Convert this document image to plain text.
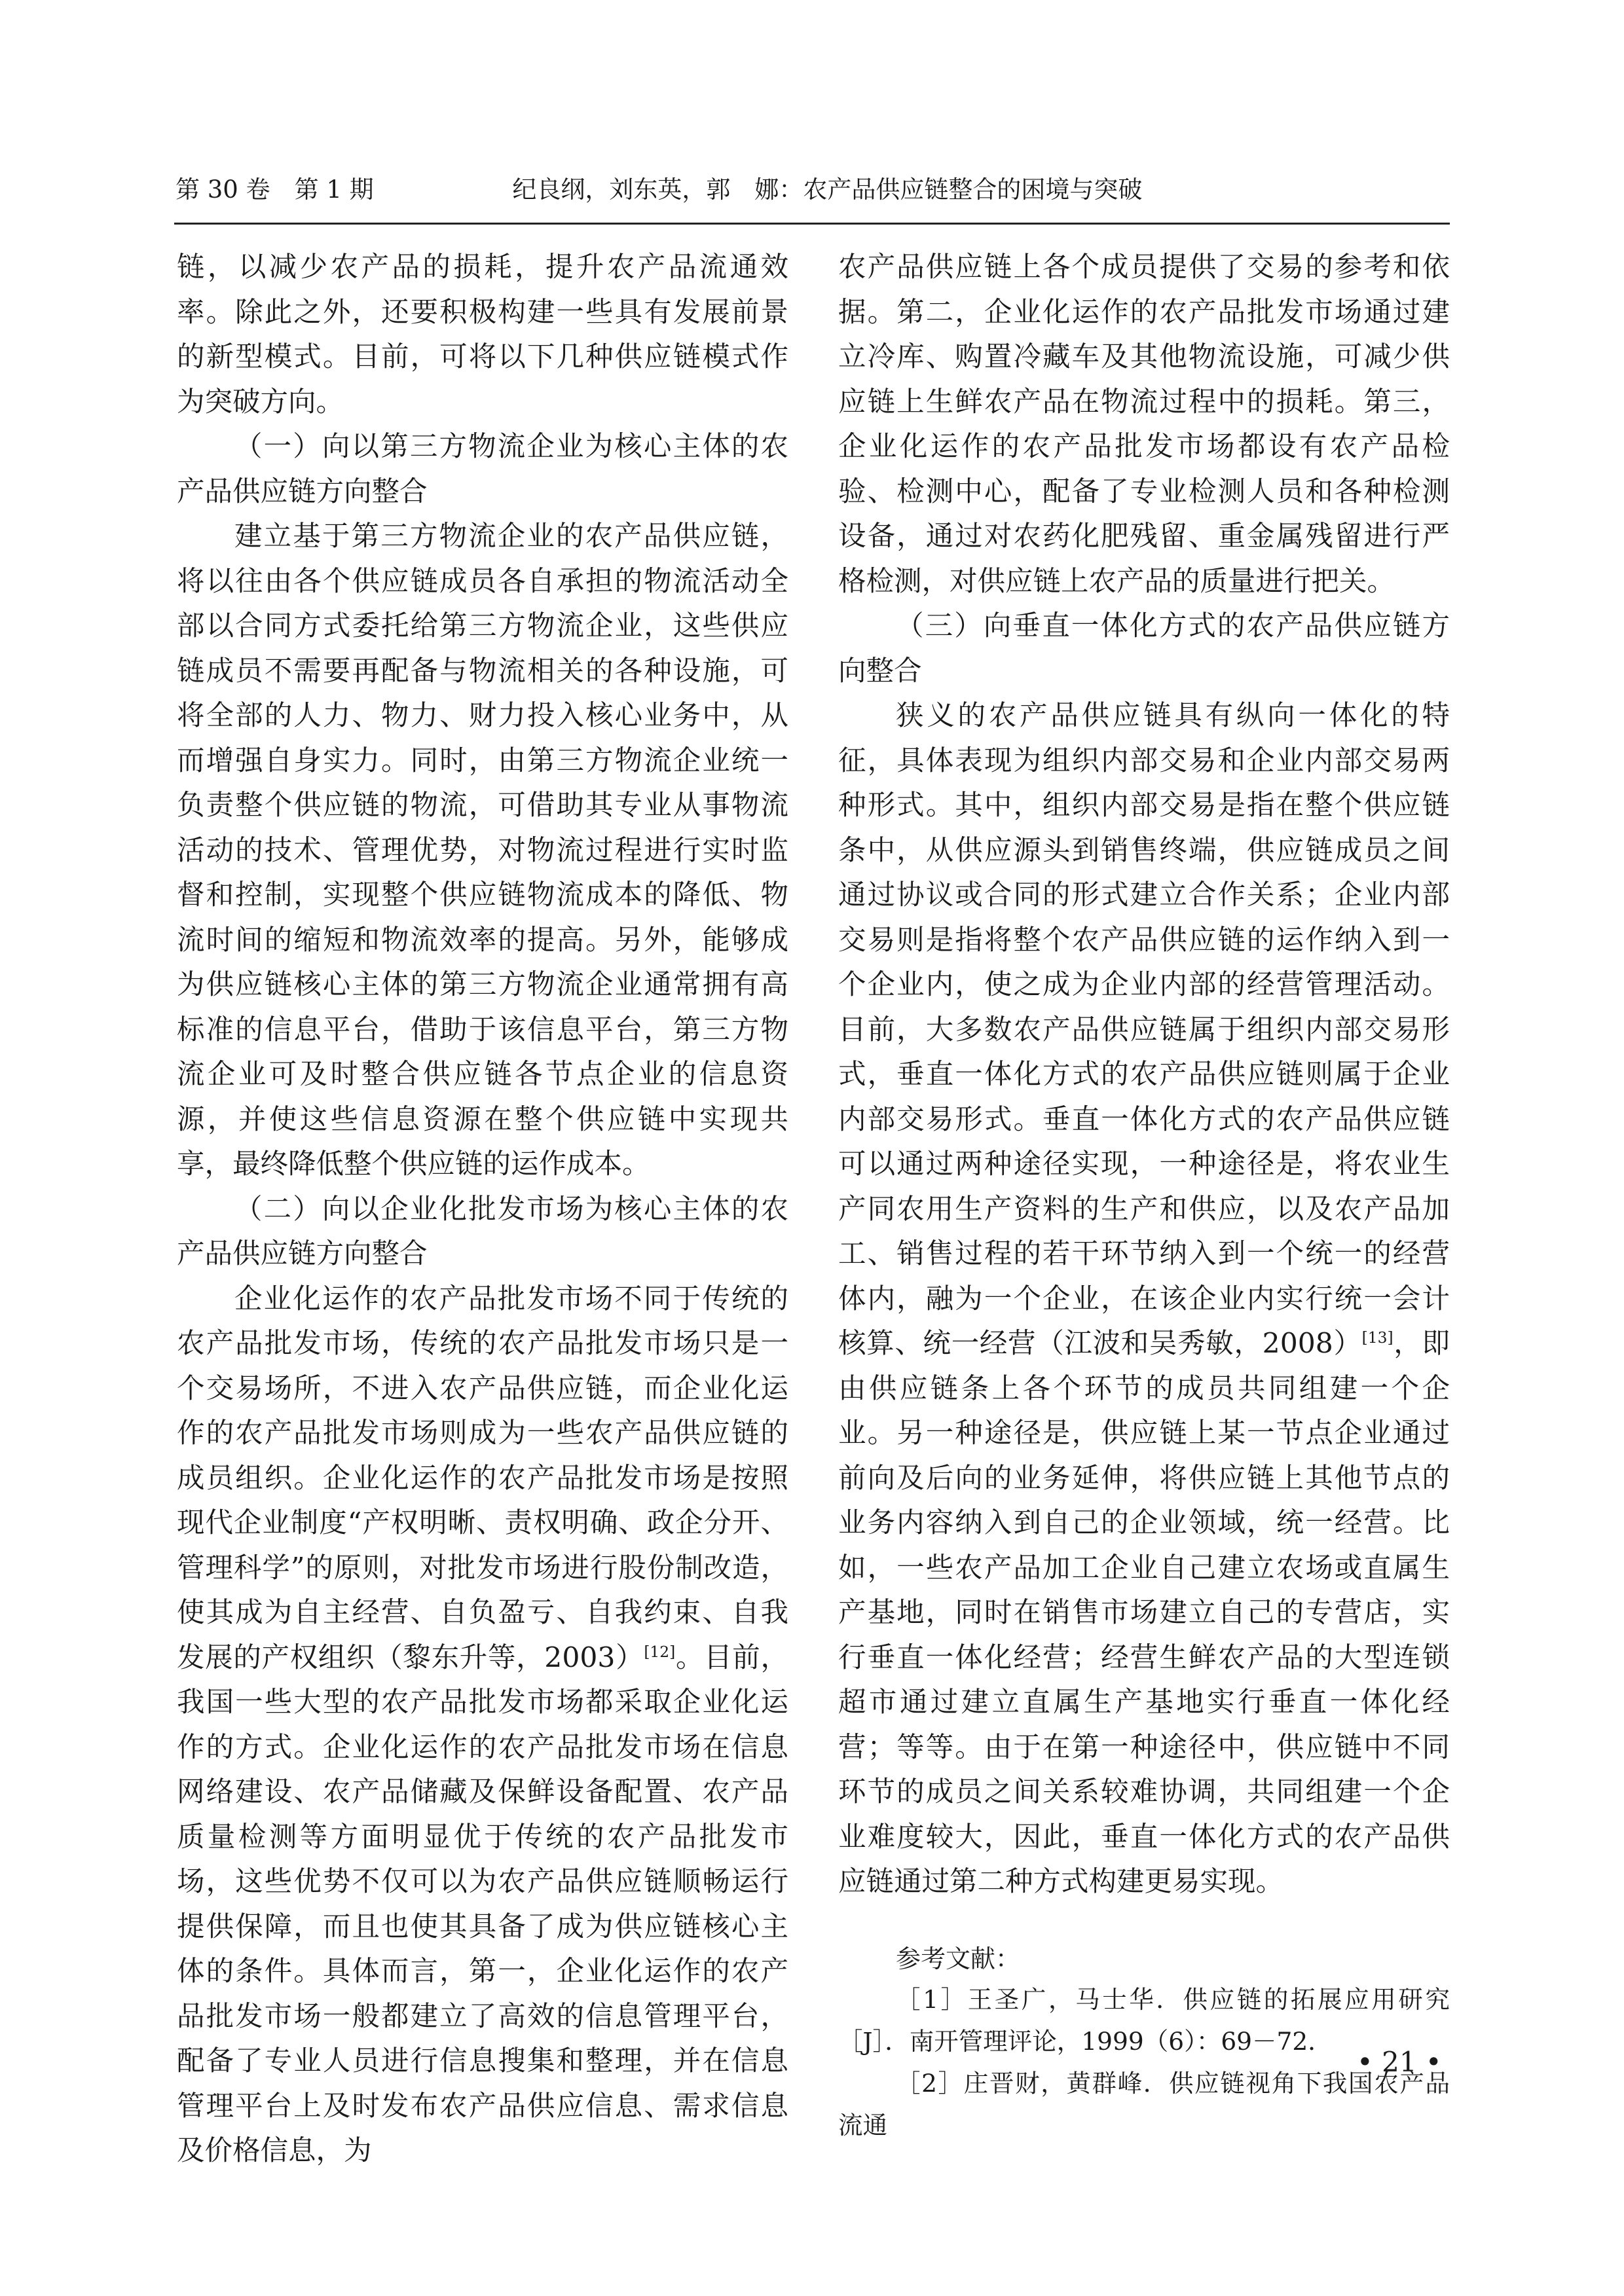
第 30 卷　第 1 期	纪良纲，刘东英，郭　娜：农产品供应链整合的困境与突破

链，以减少农产品的损耗，提升农产品流通效率。除此之外，还要积极构建一些具有发展前景的新型模式。目前，可将以下几种供应链模式作为突破方向。

（一）向以第三方物流企业为核心主体的农产品供应链方向整合

建立基于第三方物流企业的农产品供应链，将以往由各个供应链成员各自承担的物流活动全部以合同方式委托给第三方物流企业，这些供应链成员不需要再配备与物流相关的各种设施，可将全部的人力、物力、财力投入核心业务中，从而增强自身实力。同时，由第三方物流企业统一负责整个供应链的物流，可借助其专业从事物流活动的技术、管理优势，对物流过程进行实时监督和控制，实现整个供应链物流成本的降低、物流时间的缩短和物流效率的提高。另外，能够成为供应链核心主体的第三方物流企业通常拥有高标准的信息平台，借助于该信息平台，第三方物流企业可及时整合供应链各节点企业的信息资源，并使这些信息资源在整个供应链中实现共享，最终降低整个供应链的运作成本。

（二）向以企业化批发市场为核心主体的农产品供应链方向整合

企业化运作的农产品批发市场不同于传统的农产品批发市场，传统的农产品批发市场只是一个交易场所，不进入农产品供应链，而企业化运作的农产品批发市场则成为一些农产品供应链的成员组织。企业化运作的农产品批发市场是按照现代企业制度“产权明晰、责权明确、政企分开、管理科学”的原则，对批发市场进行股份制改造，使其成为自主经营、自负盈亏、自我约束、自我发展的产权组织（黎东升等，2003）[12]。目前，我国一些大型的农产品批发市场都采取企业化运作的方式。企业化运作的农产品批发市场在信息网络建设、农产品储藏及保鲜设备配置、农产品质量检测等方面明显优于传统的农产品批发市场，这些优势不仅可以为农产品供应链顺畅运行提供保障，而且也使其具备了成为供应链核心主体的条件。具体而言，第一，企业化运作的农产品批发市场一般都建立了高效的信息管理平台，配备了专业人员进行信息搜集和整理，并在信息管理平台上及时发布农产品供应信息、需求信息及价格信息，为

农产品供应链上各个成员提供了交易的参考和依据。第二，企业化运作的农产品批发市场通过建立冷库、购置冷藏车及其他物流设施，可减少供应链上生鲜农产品在物流过程中的损耗。第三，企业化运作的农产品批发市场都设有农产品检验、检测中心，配备了专业检测人员和各种检测设备，通过对农药化肥残留、重金属残留进行严格检测，对供应链上农产品的质量进行把关。

（三）向垂直一体化方式的农产品供应链方向整合

狭义的农产品供应链具有纵向一体化的特征，具体表现为组织内部交易和企业内部交易两种形式。其中，组织内部交易是指在整个供应链条中，从供应源头到销售终端，供应链成员之间通过协议或合同的形式建立合作关系；企业内部交易则是指将整个农产品供应链的运作纳入到一个企业内，使之成为企业内部的经营管理活动。目前，大多数农产品供应链属于组织内部交易形式，垂直一体化方式的农产品供应链则属于企业内部交易形式。垂直一体化方式的农产品供应链可以通过两种途径实现，一种途径是，将农业生产同农用生产资料的生产和供应，以及农产品加工、销售过程的若干环节纳入到一个统一的经营体内，融为一个企业，在该企业内实行统一会计核算、统一经营（江波和吴秀敏，2008）[13]，即由供应链条上各个环节的成员共同组建一个企业。另一种途径是，供应链上某一节点企业通过前向及后向的业务延伸，将供应链上其他节点的业务内容纳入到自己的企业领域，统一经营。比如，一些农产品加工企业自己建立农场或直属生产基地，同时在销售市场建立自己的专营店，实行垂直一体化经营；经营生鲜农产品的大型连锁超市通过建立直属生产基地实行垂直一体化经营；等等。由于在第一种途径中，供应链中不同环节的成员之间关系较难协调，共同组建一个企业难度较大，因此，垂直一体化方式的农产品供应链通过第二种方式构建更易实现。

参考文献：

［1］王圣广，马士华．供应链的拓展应用研究［J］．南开管理评论，1999（6）：69－72．

［2］庄晋财，黄群峰．供应链视角下我国农产品流通

• 21 •
